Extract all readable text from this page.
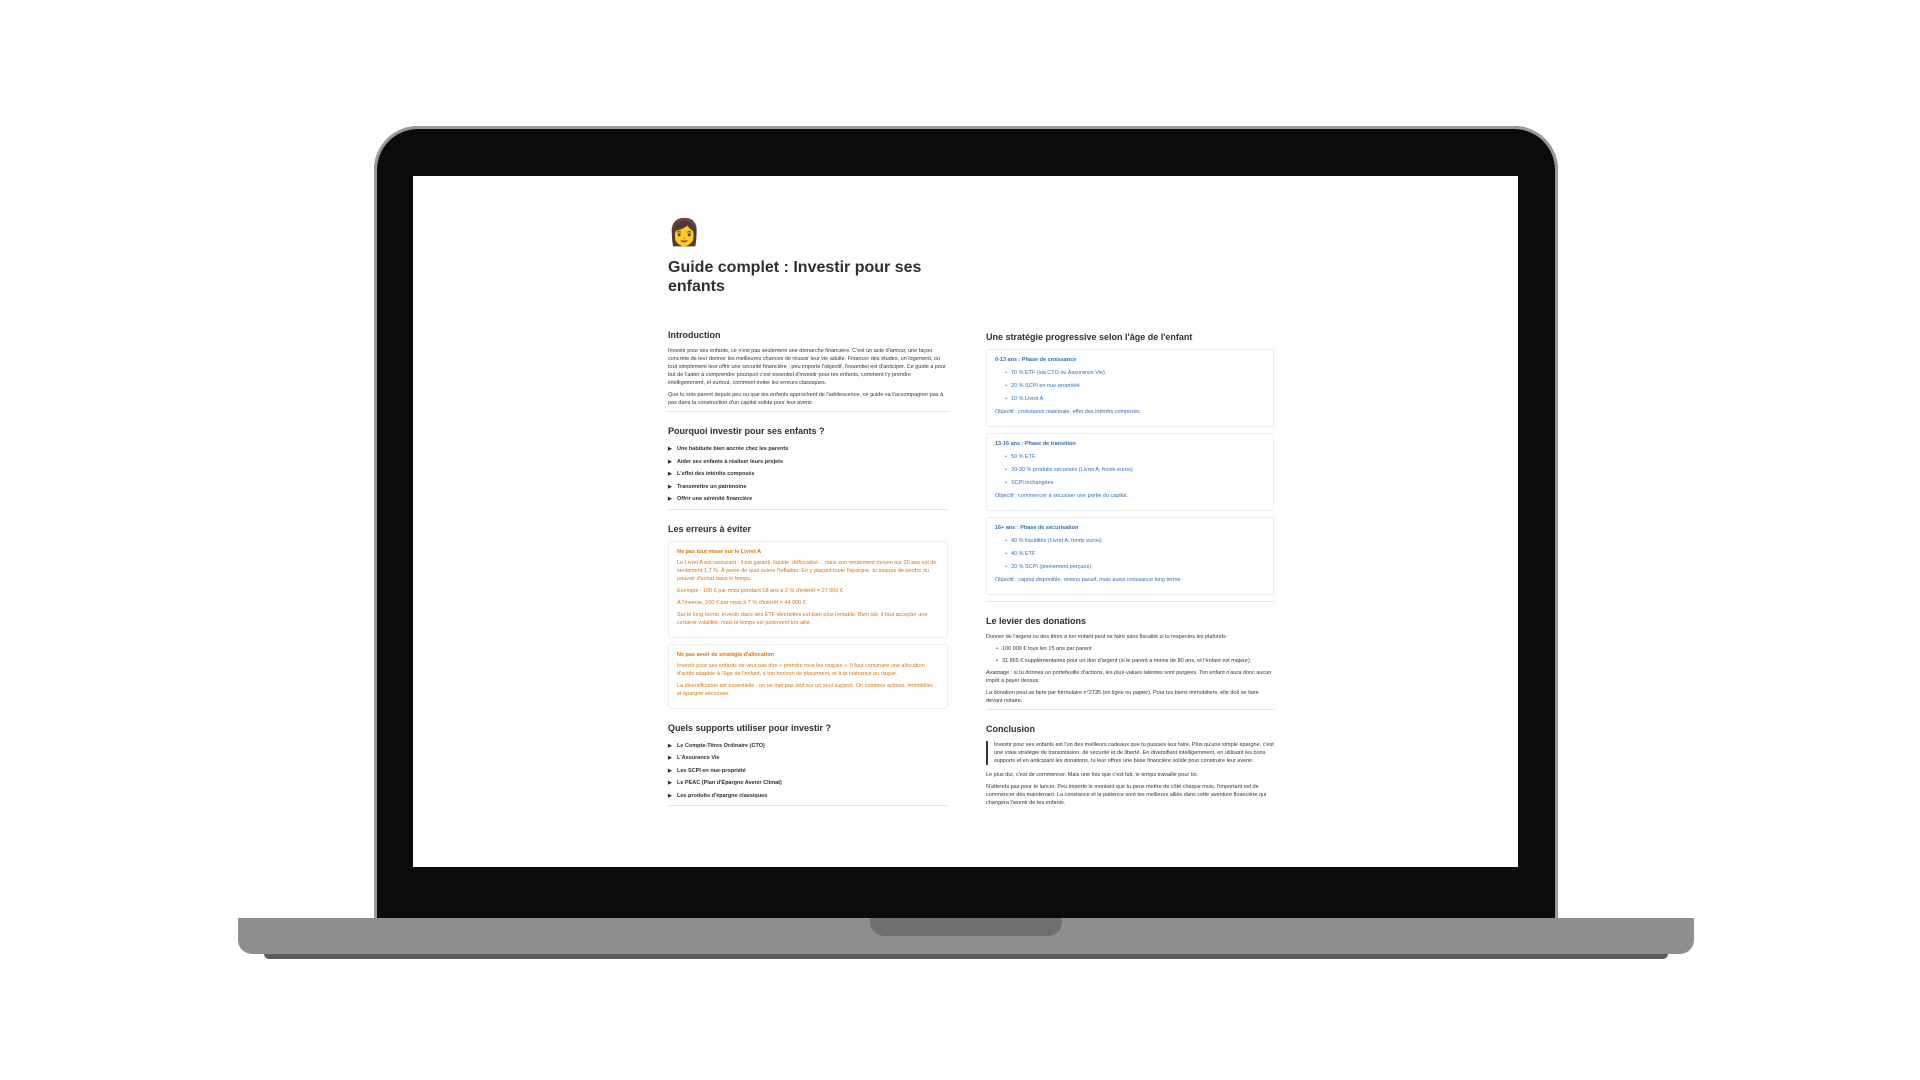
👩
Guide complet : Investir pour ses enfants
Introduction

Investir pour ses enfants, ce n'est pas seulement une démarche financière. C'est un acte d'amour, une façon concrète de leur donner les meilleures chances de réussir leur vie adulte. Financer des études, un logement, ou tout simplement leur offrir une sécurité financière : peu importe l'objectif, l'essentiel est d'anticiper. Ce guide a pour but de t'aider à comprendre pourquoi c'est essentiel d'investir pour tes enfants, comment t'y prendre intelligemment, et surtout, comment éviter les erreurs classiques.

Que tu sois parent depuis peu ou que tes enfants approchent de l'adolescence, ce guide va t'accompagner pas à pas dans la construction d'un capital solide pour leur avenir.

Pourquoi investir pour ses enfants ?
▶ Une habitude bien ancrée chez les parents
▶ Aider ses enfants à réaliser leurs projets
▶ L'effet des intérêts composés
▶ Transmettre un patrimoine
▶ Offrir une sérénité financière
Les erreurs à éviter
Ne pas tout miser sur le Livret A

Le Livret A est rassurant : il est garanti, liquide, défiscalisé… mais son rendement moyen sur 20 ans est de seulement 1,7 %. À peine de quoi suivre l'inflation. En y plaçant toute l'épargne, tu risques de perdre du pouvoir d'achat dans le temps.

Exemple : 100 € par mois pendant 18 ans à 2 % d'intérêt = 27 000 €

À l'inverse, 100 € par mois à 7 % d'intérêt = 44 000 €.

Sur le long terme, investir dans des ETF diversifiés est bien plus rentable. Bien sûr, il faut accepter une certaine volatilité, mais le temps est justement ton allié.

Ne pas avoir de stratégie d'allocation

Investir pour ses enfants ne veut pas dire « prendre tous les risques ». Il faut construire une allocation d'actifs adaptée à l'âge de l'enfant, à ton horizon de placement, et à ta tolérance au risque.

La diversification est essentielle : on ne met pas tout sur un seul support. On combine actions, immobilier, et épargne sécurisée.

Quels supports utiliser pour investir ?
▶ Le Compte-Titres Ordinaire (CTO)
▶ L'Assurance Vie
▶ Les SCPI en nue-propriété
▶ Le PEAC (Plan d'Épargne Avenir Climat)
▶ Les produits d'épargne classiques
Une stratégie progressive selon l'âge de l'enfant
0-13 ans : Phase de croissance
• 70 % ETF (via CTO ou Assurance Vie)
• 20 % SCPI en nue-propriété
• 10 % Livret A

Objectif : croissance maximale, effet des intérêts composés.

13-16 ans : Phase de transition
• 50 % ETF
• 20-30 % produits sécurisés (Livret A, fonds euros)
• SCPI inchangées

Objectif : commencer à sécuriser une partie du capital.

16+ ans : Phase de sécurisation
• 40 % liquidités (Livret A, fonds euros)
• 40 % ETF
• 20 % SCPI (pleinement perçues)

Objectif : capital disponible, revenu passif, mais aussi croissance long terme.

Le levier des donations

Donner de l'argent ou des titres à ton enfant peut se faire sans fiscalité si tu respectes les plafonds :

• 100 000 € tous les 15 ans par parent
• 31 865 € supplémentaires pour un don d'argent (si le parent a moins de 80 ans, et l'enfant est majeur)

Avantage : si tu donnes un portefeuille d'actions, les plus-values latentes sont purgées. Ton enfant n'aura donc aucun impôt à payer dessus.

La donation peut se faire par formulaire n°2735 (en ligne ou papier). Pour les biens immobiliers, elle doit se faire devant notaire.

Conclusion

Investir pour ses enfants est l'un des meilleurs cadeaux que tu puisses leur faire. Plus qu'une simple épargne, c'est une vraie stratégie de transmission, de sécurité et de liberté. En diversifiant intelligemment, en utilisant les bons supports et en anticipant les donations, tu leur offres une base financière solide pour construire leur avenir.

Le plus dur, c'est de commencer. Mais une fois que c'est fait, le temps travaille pour toi.

N'attends pas pour te lancer. Peu importe le montant que tu peux mettre de côté chaque mois, l'important est de commencer dès maintenant. La constance et la patience sont tes meilleurs alliés dans cette aventure financière qui changera l'avenir de tes enfants.
